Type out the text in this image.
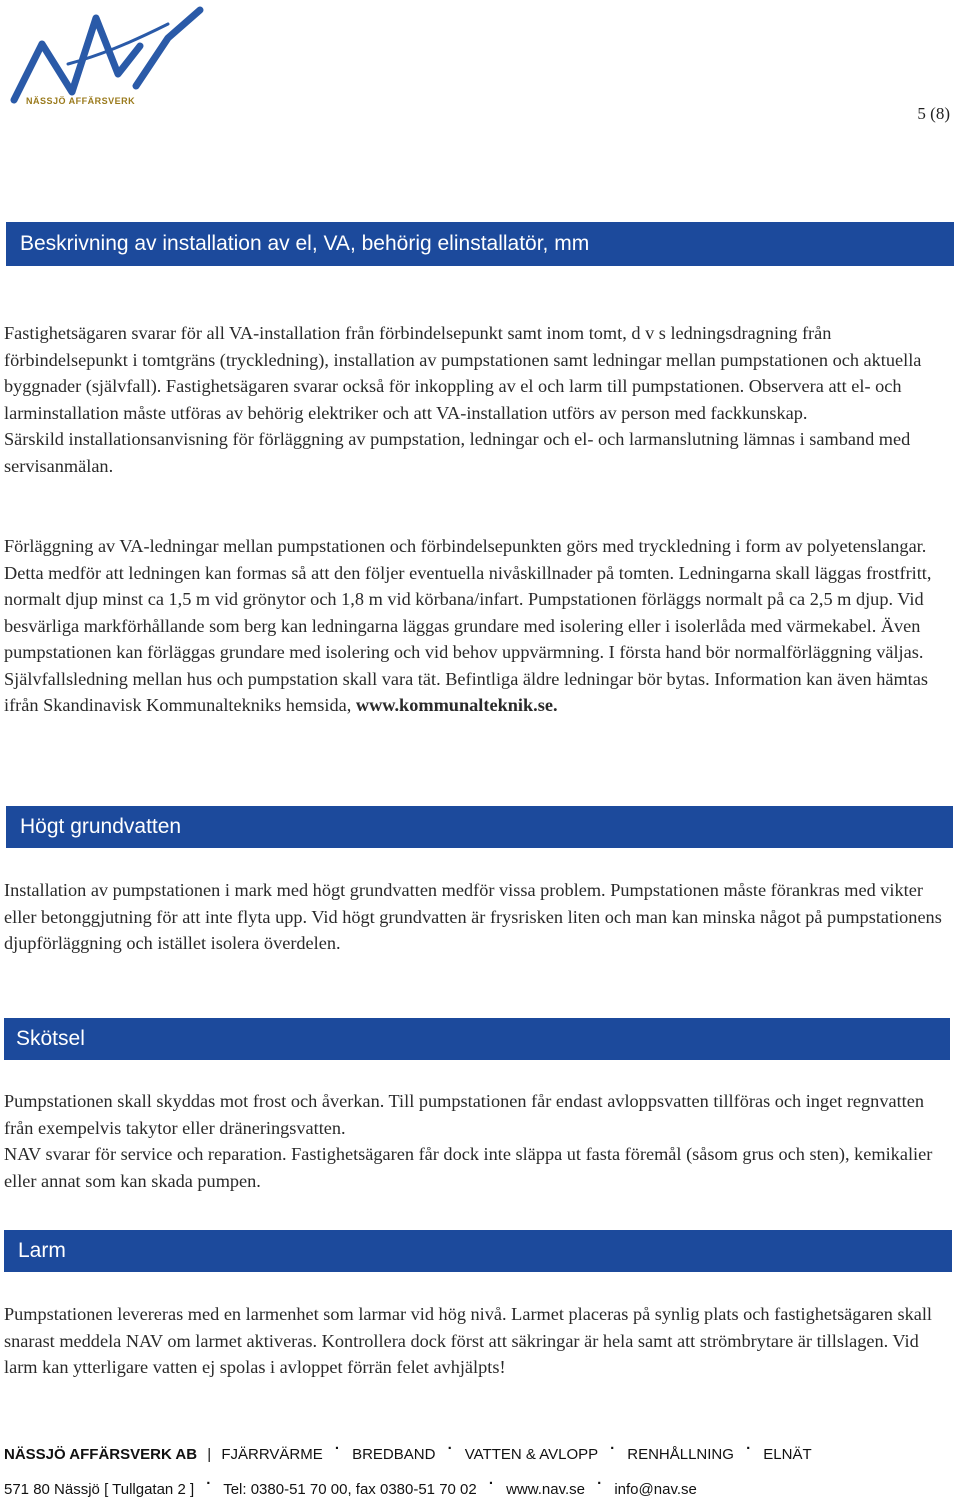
NÄSSJÖ AFFÄRSVERK
5 (8)
Beskrivning av installation av el, VA, behörig elinstallatör, mm

Fastighetsägaren svarar för all VA-installation från förbindelsepunkt samt inom tomt, d v s ledningsdragning från förbindelsepunkt i tomtgräns (tryckledning), installation av pumpstationen samt ledningar mellan pumpstationen och aktuella byggnader (självfall). Fastighetsägaren svarar också för inkoppling av el och larm till pumpstationen. Observera att el- och larminstallation måste utföras av behörig elektriker och att VA-installation utförs av person med fackkunskap.
Särskild installationsanvisning för förläggning av pumpstation, ledningar och el- och larmanslutning lämnas i samband med servisanmälan.

Förläggning av VA-ledningar mellan pumpstationen och förbindelsepunkten görs med tryckledning i form av polyetenslangar. Detta medför att ledningen kan formas så att den följer eventuella nivåskillnader på tomten. Ledningarna skall läggas frostfritt, normalt djup minst ca 1,5 m vid grönytor och 1,8 m vid körbana/infart. Pumpstationen förläggs normalt på ca 2,5 m djup. Vid besvärliga markförhållande som berg kan ledningarna läggas grundare med isolering eller i isolerlåda med värmekabel. Även pumpstationen kan förläggas grundare med isolering och vid behov uppvärmning. I första hand bör normalförläggning väljas. Självfallsledning mellan hus och pumpstation skall vara tät. Befintliga äldre ledningar bör bytas. Information kan även hämtas ifrån Skandinavisk Kommunaltekniks hemsida, www.kommunalteknik.se.

Högt grundvatten

Installation av pumpstationen i mark med högt grundvatten medför vissa problem. Pumpstationen måste förankras med vikter eller betonggjutning för att inte flyta upp. Vid högt grundvatten är frysrisken liten och man kan minska något på pumpstationens djupförläggning och istället isolera överdelen.

Skötsel

Pumpstationen skall skyddas mot frost och åverkan. Till pumpstationen får endast avloppsvatten tillföras och inget regnvatten från exempelvis takytor eller dräneringsvatten.
NAV svarar för service och reparation. Fastighetsägaren får dock inte släppa ut fasta föremål (såsom grus och sten), kemikalier eller annat som kan skada pumpen.

Larm

Pumpstationen levereras med en larmenhet som larmar vid hög nivå. Larmet placeras på synlig plats och fastighetsägaren skall snarast meddela NAV om larmet aktiveras. Kontrollera dock först att säkringar är hela samt att strömbrytare är tillslagen. Vid larm kan ytterligare vatten ej spolas i avloppet förrän felet avhjälpts!

NÄSSJÖ AFFÄRSVERK AB | FJÄRRVÄRME · BREDBAND · VATTEN & AVLOPP · RENHÅLLNING · ELNÄT
571 80 Nässjö [ Tullgatan 2 ] · Tel: 0380-51 70 00, fax 0380-51 70 02 · www.nav.se · info@nav.se
